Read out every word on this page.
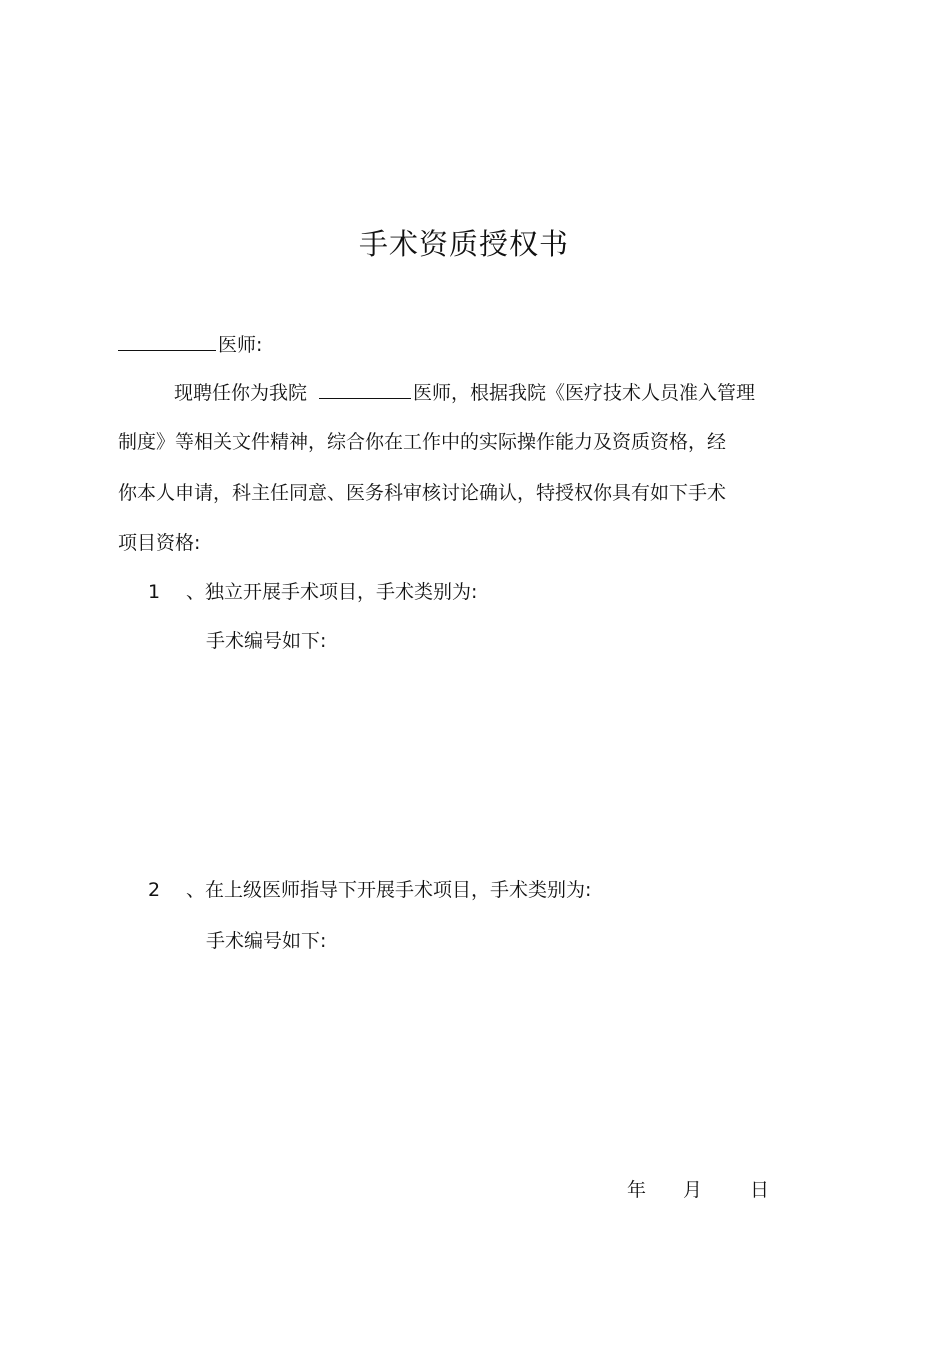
手术资质授权书
医师:
现聘任你为我院	医师，根据我院《医疗技术人员准入管理
制度》等相关文件精神，综合你在工作中的实际操作能力及资质资格，经
你本人申请，科主任同意、医务科审核讨论确认，特授权你具有如下手术
项目资格:
1 、独立开展手术项目，手术类别为:
手术编号如下:
2 、在上级医师指导下开展手术项目，手术类别为:
手术编号如下:
年 月	日
